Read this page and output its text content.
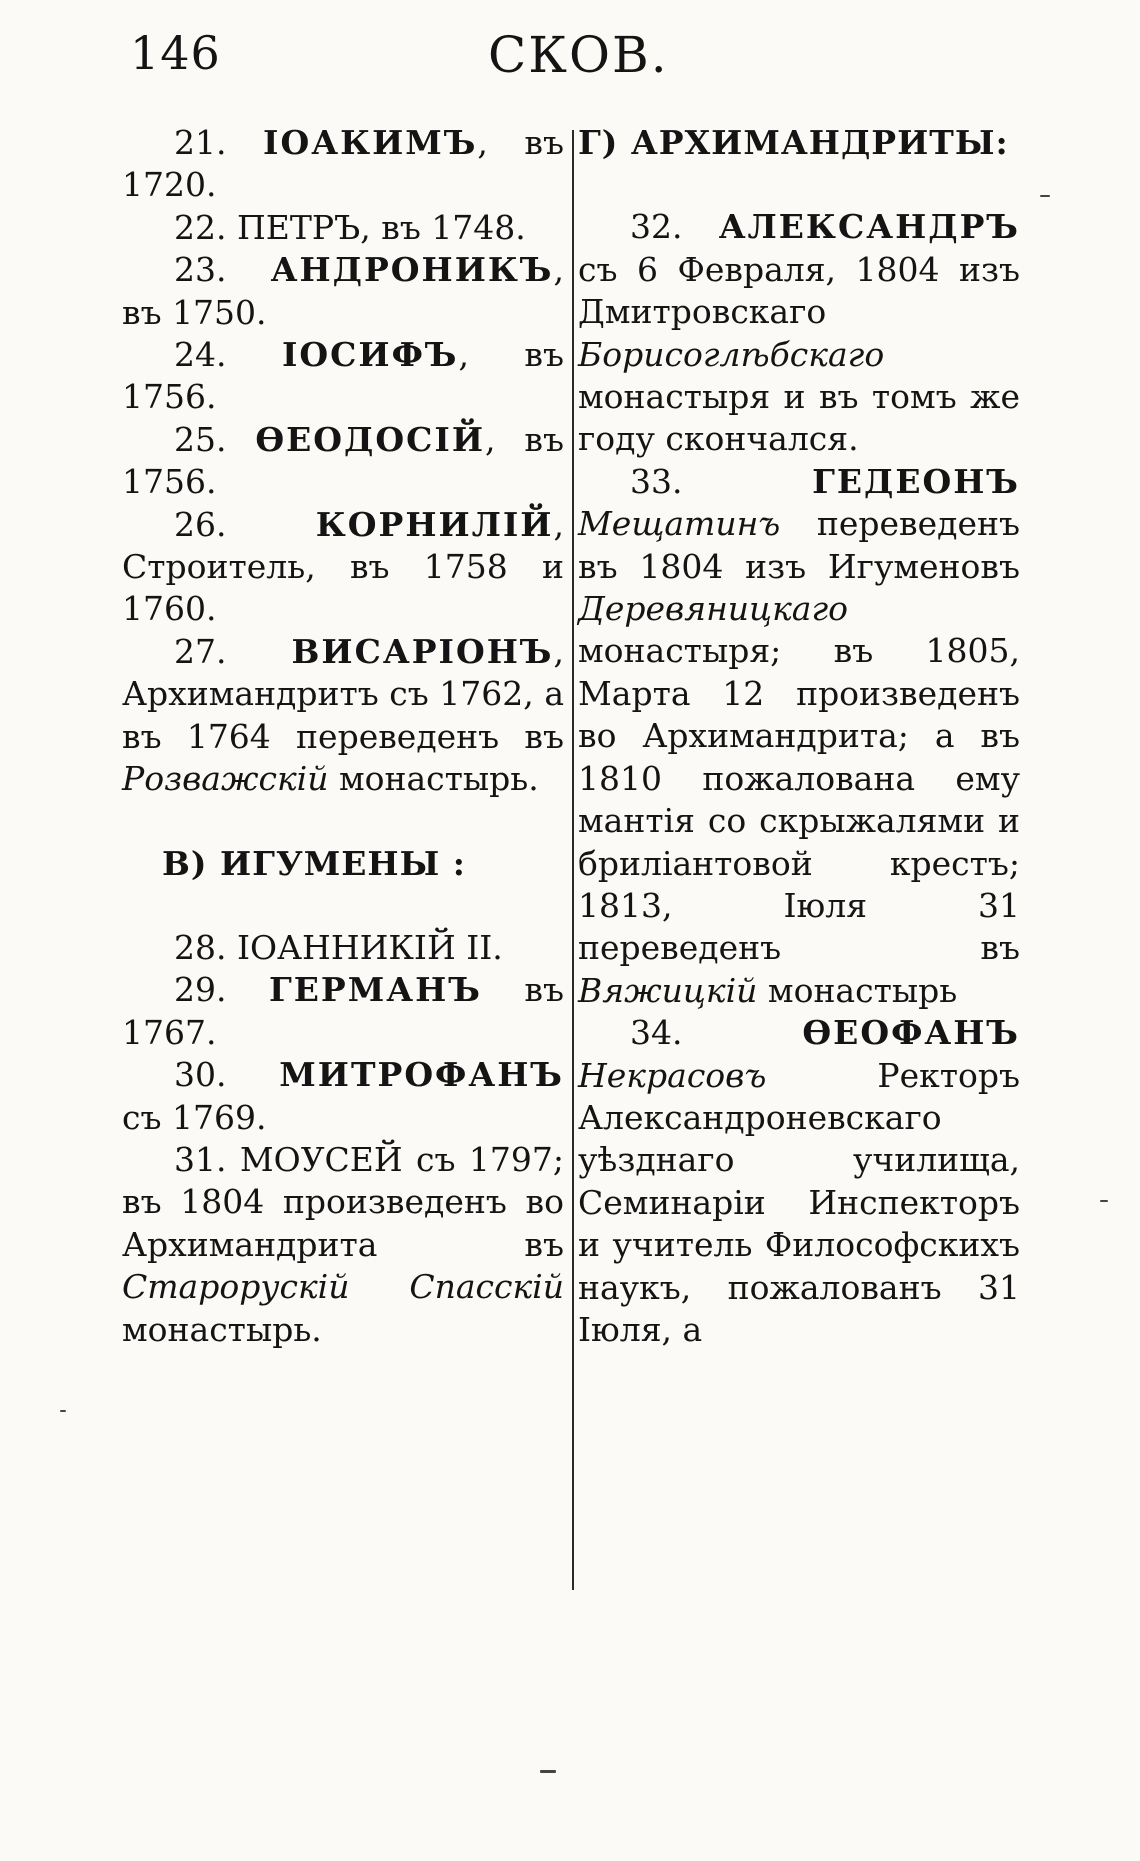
146	СКОВ.

21. ІОАКИМЪ, въ 1720.

22. ПЕТРЪ, въ 1748.

23. АНДРОНИКЪ, въ 1750.

24. ІОСИФЪ, въ 1756.

25. ѲЕОДОСІЙ, въ 1756.

26.	КОРНИЛІЙ, Строитель, въ 1758 и 1760.

27. ВИСАРІОНЪ, Архимандритъ съ 1762, а въ 1764 переведенъ въ Розважскій монастырь.

В) ИГУМЕНЫ :

28. ІОАННИКІЙ II.

29. ГЕРМАНЪ въ 1767.

30. МИТРОФАНЪ съ 1769.

31. МОУСЕЙ съ 1797; въ 1804 произведенъ во Архимандрита въ Старорускій Спасскій монастырь.

Г) АРХИМАНДРИТЫ:

32. АЛЕКСАНДРЪ съ 6 Февраля, 1804 изъ Дмитровскаго Борисоглѣбскаго монастыря и въ томъ же году скончался.

33.	ГЕДЕОНЪ Мещатинъ переведенъ въ 1804 изъ Игуменовъ Деревяницкаго монастыря; въ 1805, Марта 12 произведенъ во Архимандрита; а въ 1810 пожалована ему мантія со скрыжалями и бриліантовой крестъ; 1813, Іюля 31 переведенъ въ Вяжицкій монастырь

34.	ѲЕОФАНЪ Некрасовъ	Ректоръ Александроневскаго уѣзднаго училища, Семинаріи Инспекторъ и учитель Философскихъ наукъ, пожалованъ 31 Іюля, а
